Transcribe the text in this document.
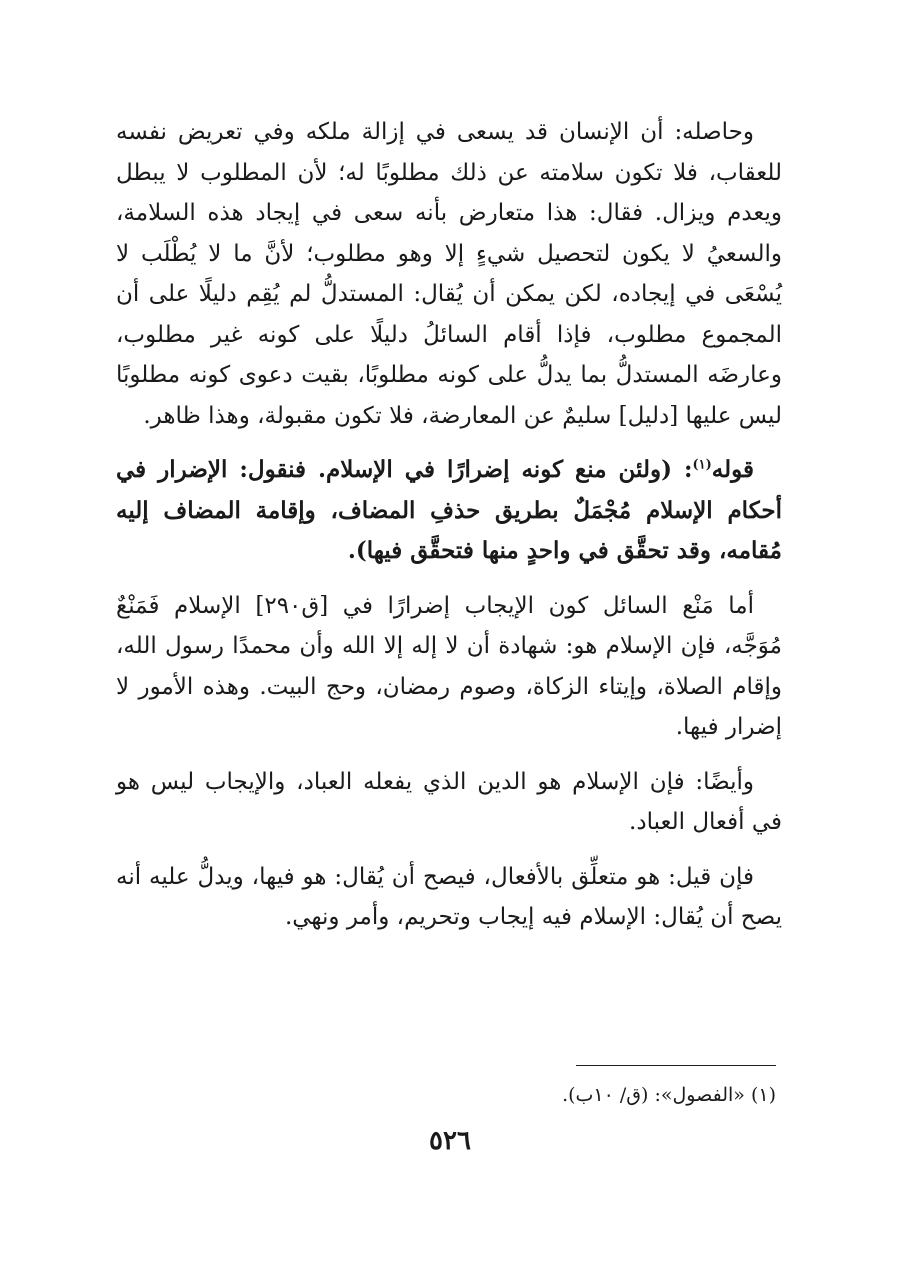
وحاصله: أن الإنسان قد يسعى في إزالة ملكه وفي تعريض نفسه للعقاب، فلا تكون سلامته عن ذلك مطلوبًا له؛ لأن المطلوب لا يبطل ويعدم ويزال. فقال: هذا متعارض بأنه سعى في إيجاد هذه السلامة، والسعيُ لا يكون لتحصيل شيءٍ إلا وهو مطلوب؛ لأنَّ ما لا يُطْلَب لا يُسْعَى في إيجاده، لكن يمكن أن يُقال: المستدلُّ لم يُقِم دليلًا على أن المجموع مطلوب، فإذا أقام السائلُ دليلًا على كونه غير مطلوب، وعارضَه المستدلُّ بما يدلُّ على كونه مطلوبًا، بقيت دعوى كونه مطلوبًا ليس عليها [دليل] سليمٌ عن المعارضة، فلا تكون مقبولة، وهذا ظاهر.

قوله$^{(١)}$: (ولئن منع كونه إضرارًا في الإسلام. فنقول: الإضرار في أحكام الإسلام مُجْمَلٌ بطريق حذفِ المضاف، وإقامة المضاف إليه مُقامه، وقد تحقَّق في واحدٍ منها فتحقَّق فيها).

أما مَنْع السائل كون الإيجاب إضرارًا في [ق٢٩٠] الإسلام فَمَنْعٌ مُوَجَّه، فإن الإسلام هو: شهادة أن لا إله إلا الله وأن محمدًا رسول الله، وإقام الصلاة، وإيتاء الزكاة، وصوم رمضان، وحج البيت. وهذه الأمور لا إضرار فيها.

وأيضًا: فإن الإسلام هو الدين الذي يفعله العباد، والإيجاب ليس هو في أفعال العباد.

فإن قيل: هو متعلِّق بالأفعال، فيصح أن يُقال: هو فيها، ويدلُّ عليه أنه يصح أن يُقال: الإسلام فيه إيجاب وتحريم، وأمر ونهي.

(١) «الفصول»: (ق/ ١٠ب).

٥٢٦
